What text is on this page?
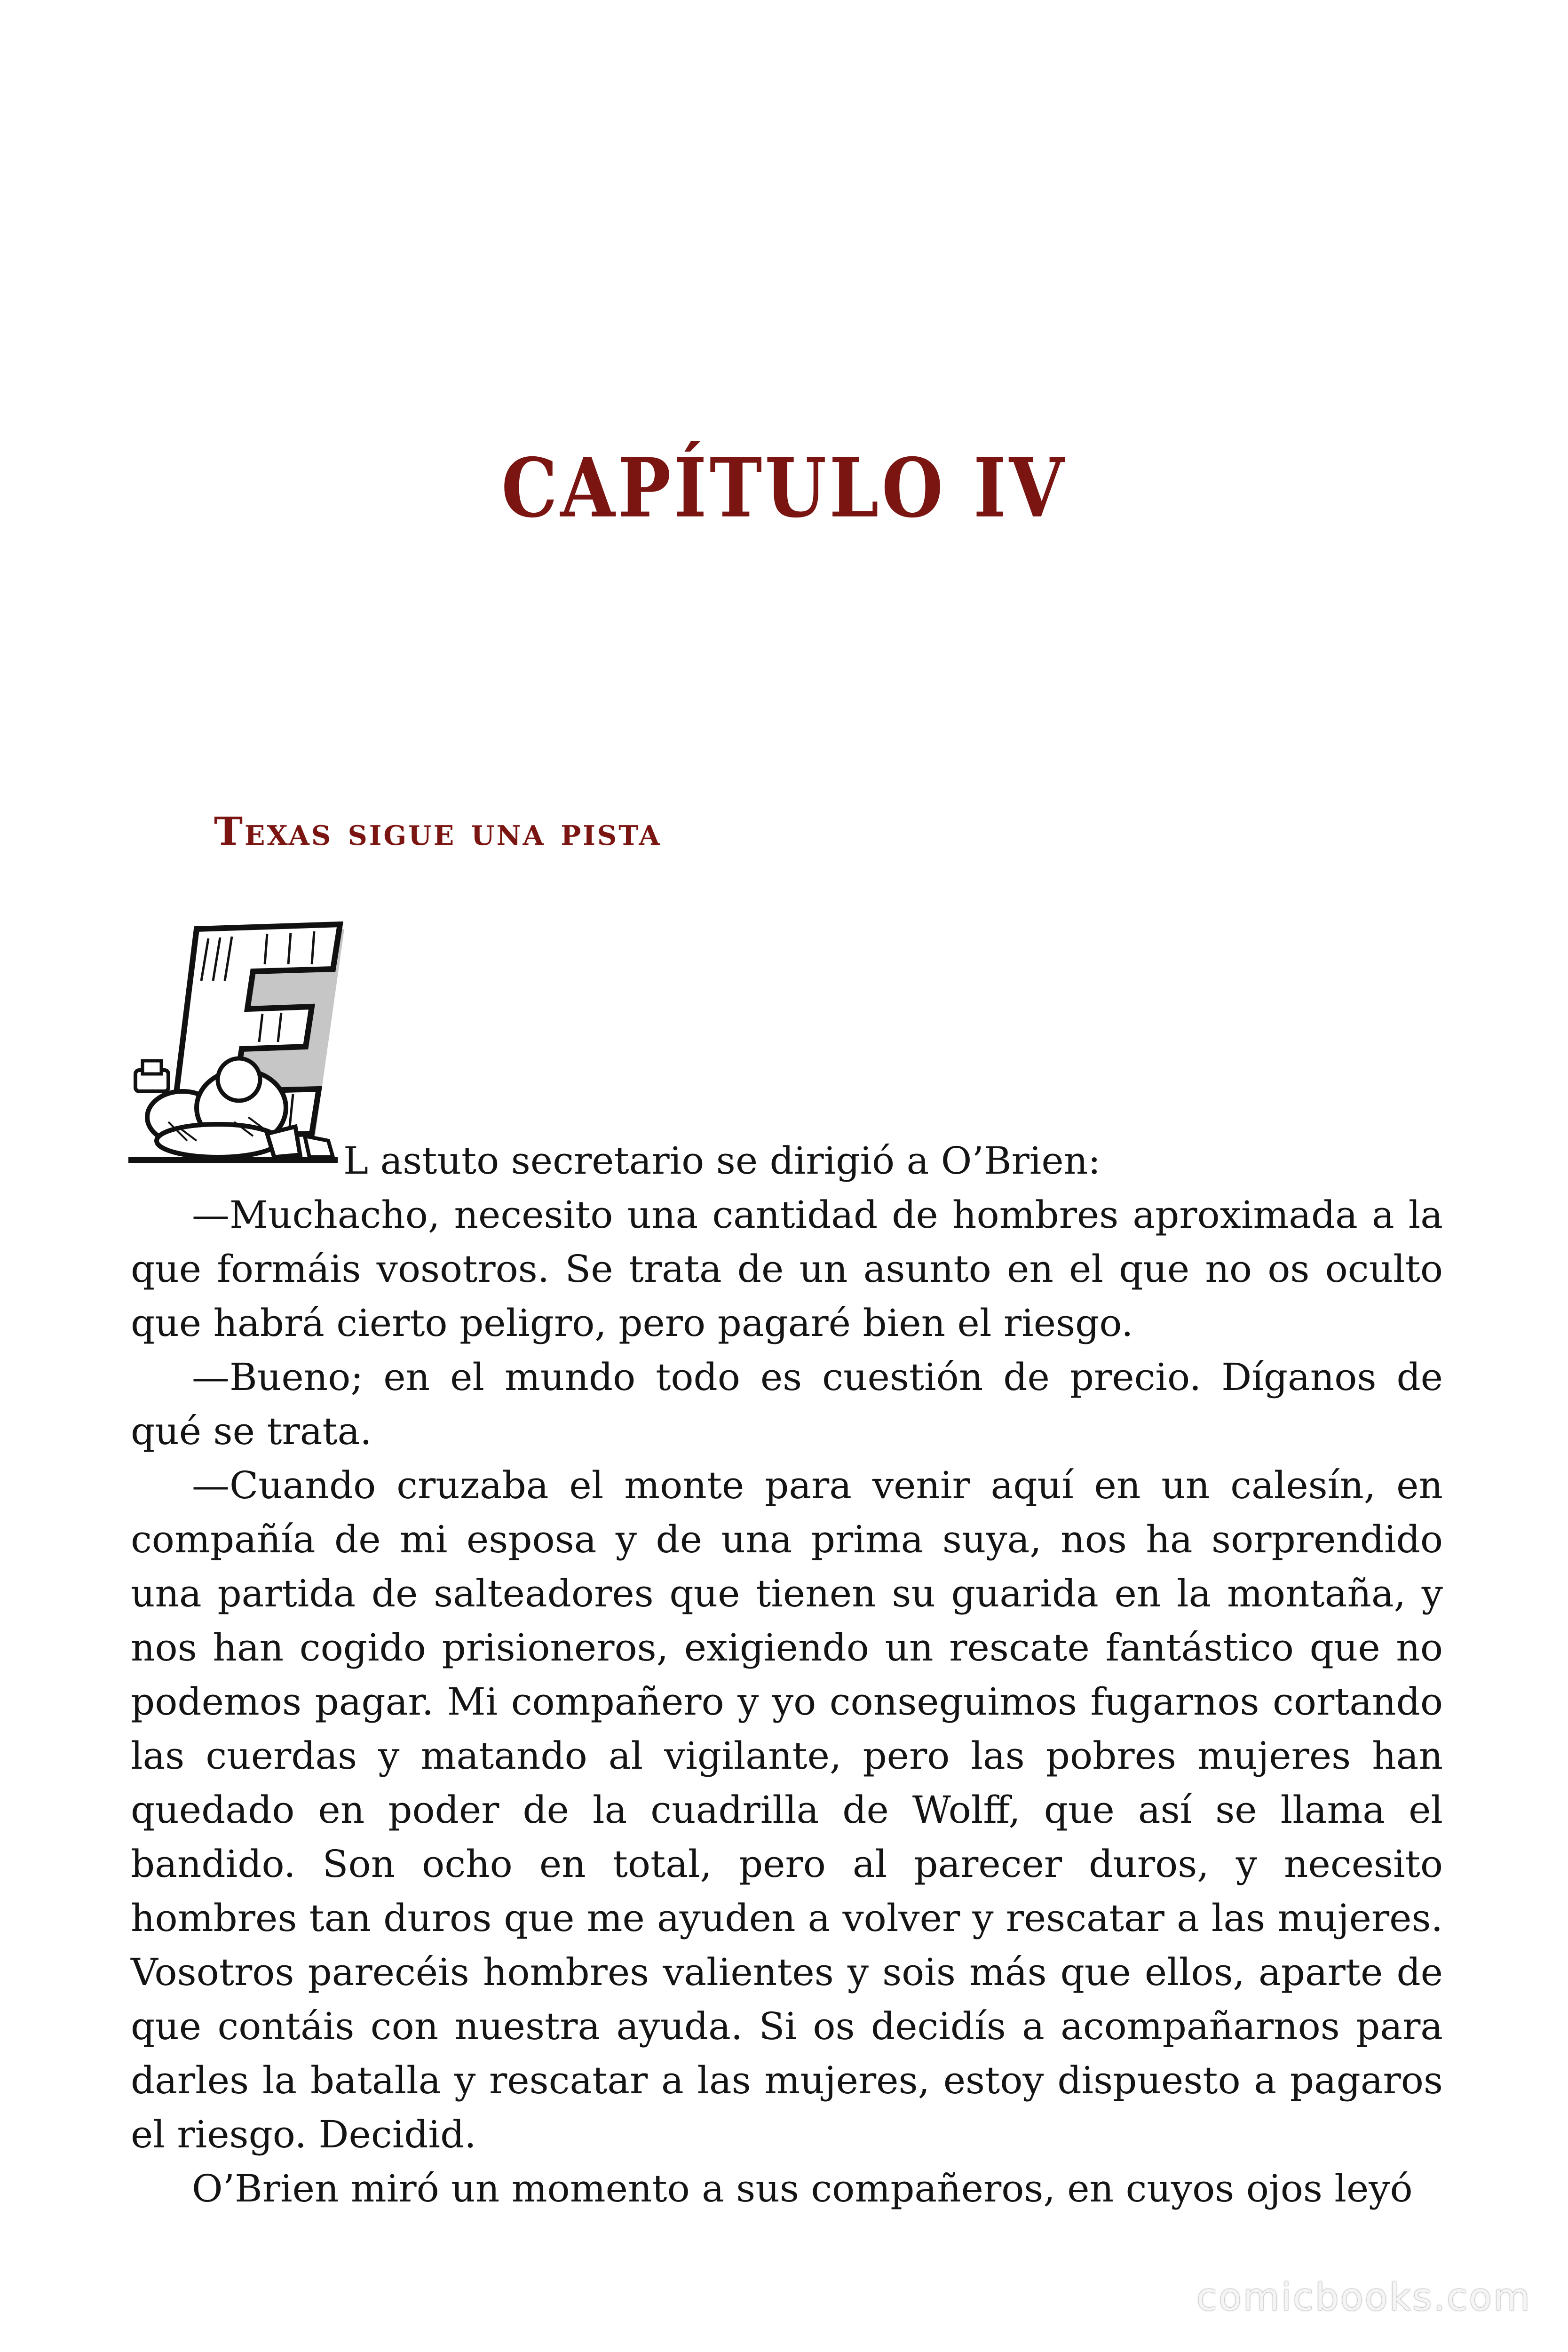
CAPÍTULO IV
Texas sigue una pista

L astuto secretario se dirigió a O’Brien:

—Muchacho, necesito una cantidad de hombres aproximada a la que formáis vosotros. Se trata de un asunto en el que no os oculto que habrá cierto peligro, pero pagaré bien el riesgo.

—Bueno; en el mundo todo es cuestión de precio. Díganos de qué se trata.

—Cuando cruzaba el monte para venir aquí en un calesín, en compañía de mi esposa y de una prima suya, nos ha sorprendido una partida de salteadores que tienen su guarida en la montaña, y nos han cogido prisioneros, exigiendo un rescate fantástico que no podemos pagar. Mi compañero y yo conseguimos fugarnos cortando las cuerdas y matando al vigilante, pero las pobres mujeres han quedado en poder de la cuadrilla de Wolff, que así se llama el bandido. Son ocho en total, pero al parecer duros, y necesito hombres tan duros que me ayuden a volver y rescatar a las mujeres. Vosotros parecéis hombres valientes y sois más que ellos, aparte de que contáis con nuestra ayuda. Si os decidís a acompañarnos para darles la batalla y rescatar a las mujeres, estoy dispuesto a pagaros el riesgo. Decidid.

O’Brien miró un momento a sus compañeros, en cuyos ojos leyó

comicbooks.com
